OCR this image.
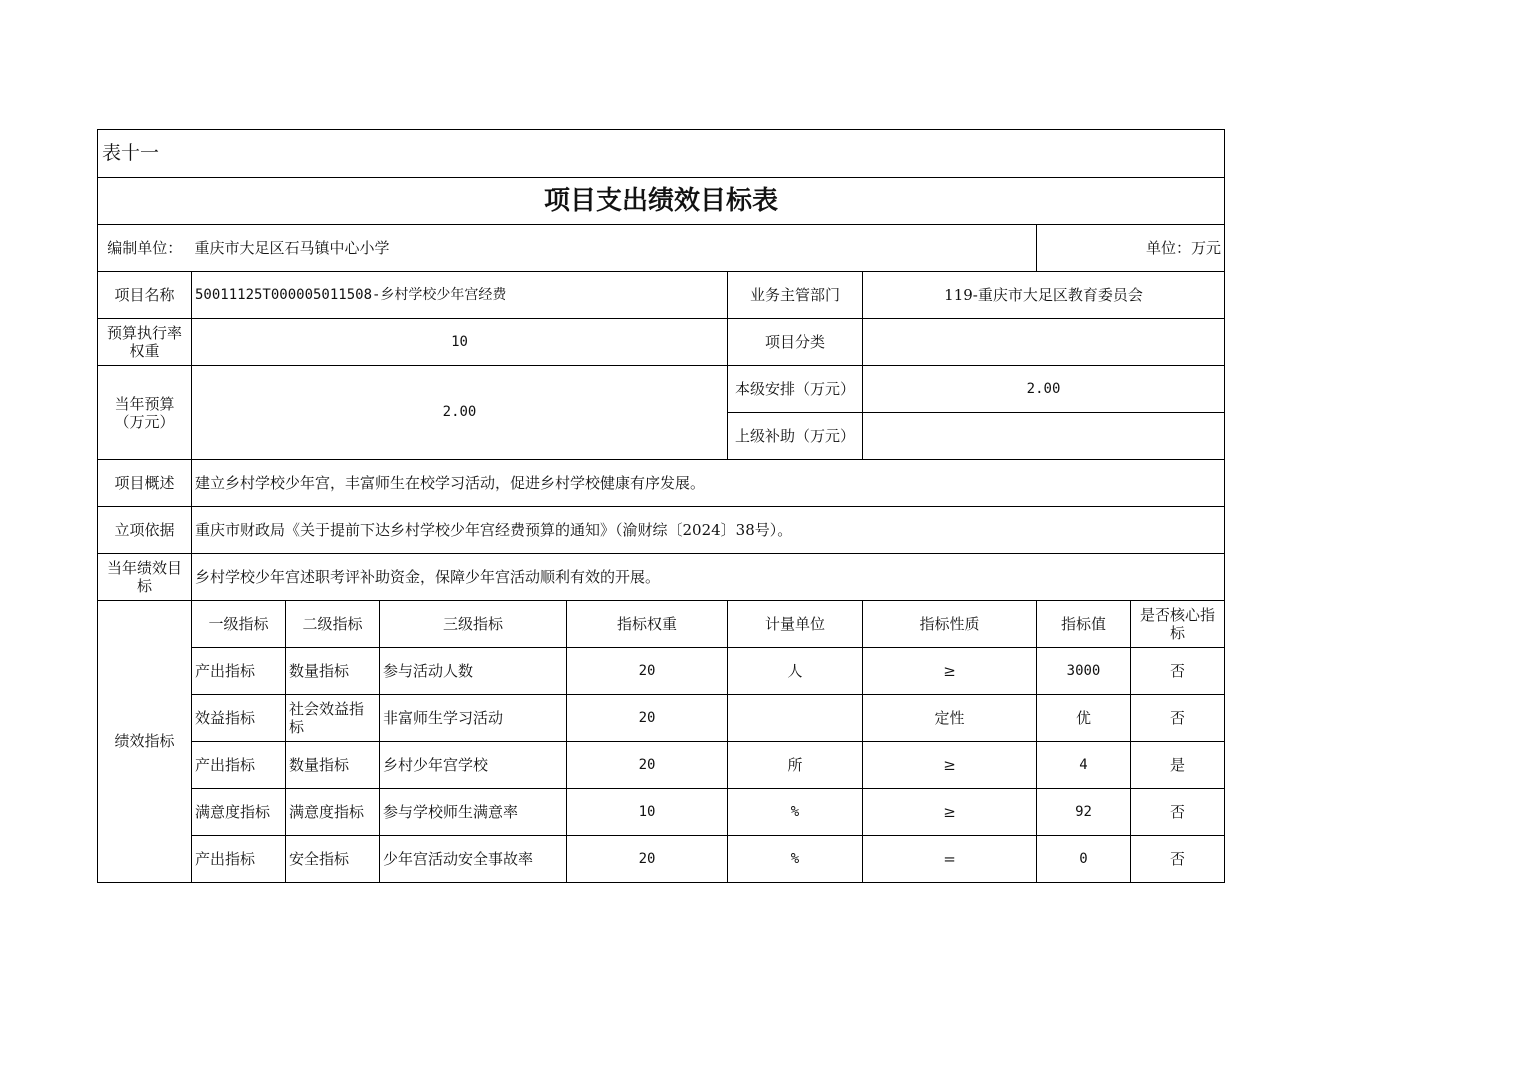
表十一								
项目支出绩效目标表								
编制单位：	重庆市大足区石马镇中心小学						单位：万元	
项目名称	50011125T000005011508-乡村学校少年宫经费				业务主管部门	119-重庆市大足区教育委员会		
预算执行率权重	10				项目分类			
当年预算（万元）	2.00				本级安排（万元）	2.00		
					上级补助（万元）			
项目概述	建立乡村学校少年宫，丰富师生在校学习活动，促进乡村学校健康有序发展。							
立项依据	重庆市财政局《关于提前下达乡村学校少年宫经费预算的通知》（渝财综〔2024〕38号）。							
当年绩效目标	乡村学校少年宫述职考评补助资金，保障少年宫活动顺利有效的开展。							
绩效指标	一级指标	二级指标	三级指标	指标权重	计量单位	指标性质	指标值	是否核心指标
	产出指标	数量指标	参与活动人数	20	人	≥	3000	否
	效益指标	社会效益指标	非富师生学习活动	20		定性	优	否
	产出指标	数量指标	乡村少年宫学校	20	所	≥	4	是
	满意度指标	满意度指标	参与学校师生满意率	10	%	≥	92	否
	产出指标	安全指标	少年宫活动安全事故率	20	%	=	0	否
